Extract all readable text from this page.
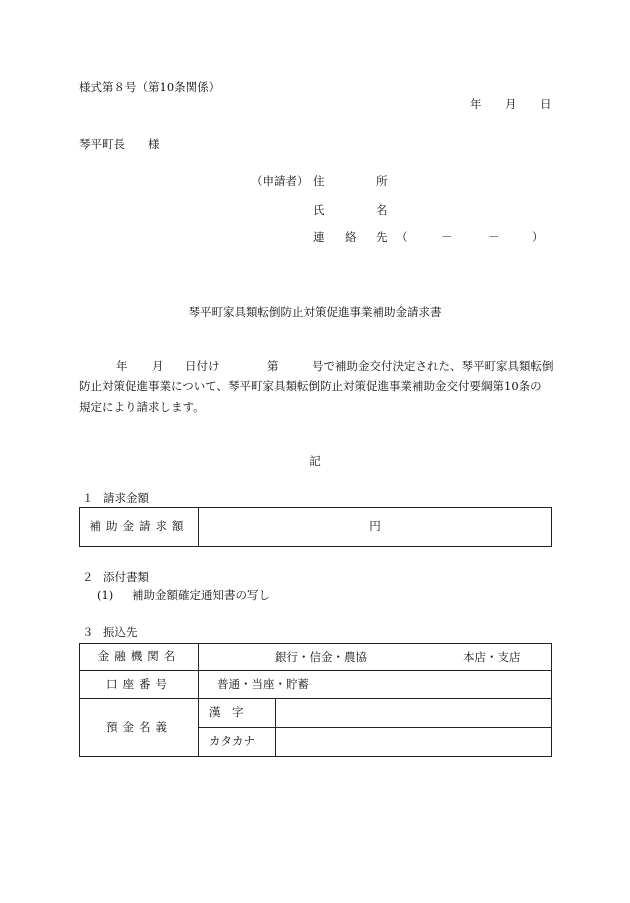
様式第８号（第10条関係）
年 月 日
琴平町長 様
（申請者） 住	所
氏	名
連 絡 先 （	－	－	）
琴平町家具類転倒防止対策促進事業補助金請求書
年 月 日付け	第	号で補助金交付決定された、琴平町家具類転倒
防止対策促進事業について、琴平町家具類転倒防止対策促進事業補助金交付要綱第10条の
規定により請求します。
記
１ 請求金額
補助金請求額	円
２ 添付書類
(1) 補助金額確定通知書の写し
３ 振込先
金融機関名	銀行・信金・農協 本店・支店	

口座番号	普通・当座・貯蓄	
預金名義	漢　字	
	カタカナ	
